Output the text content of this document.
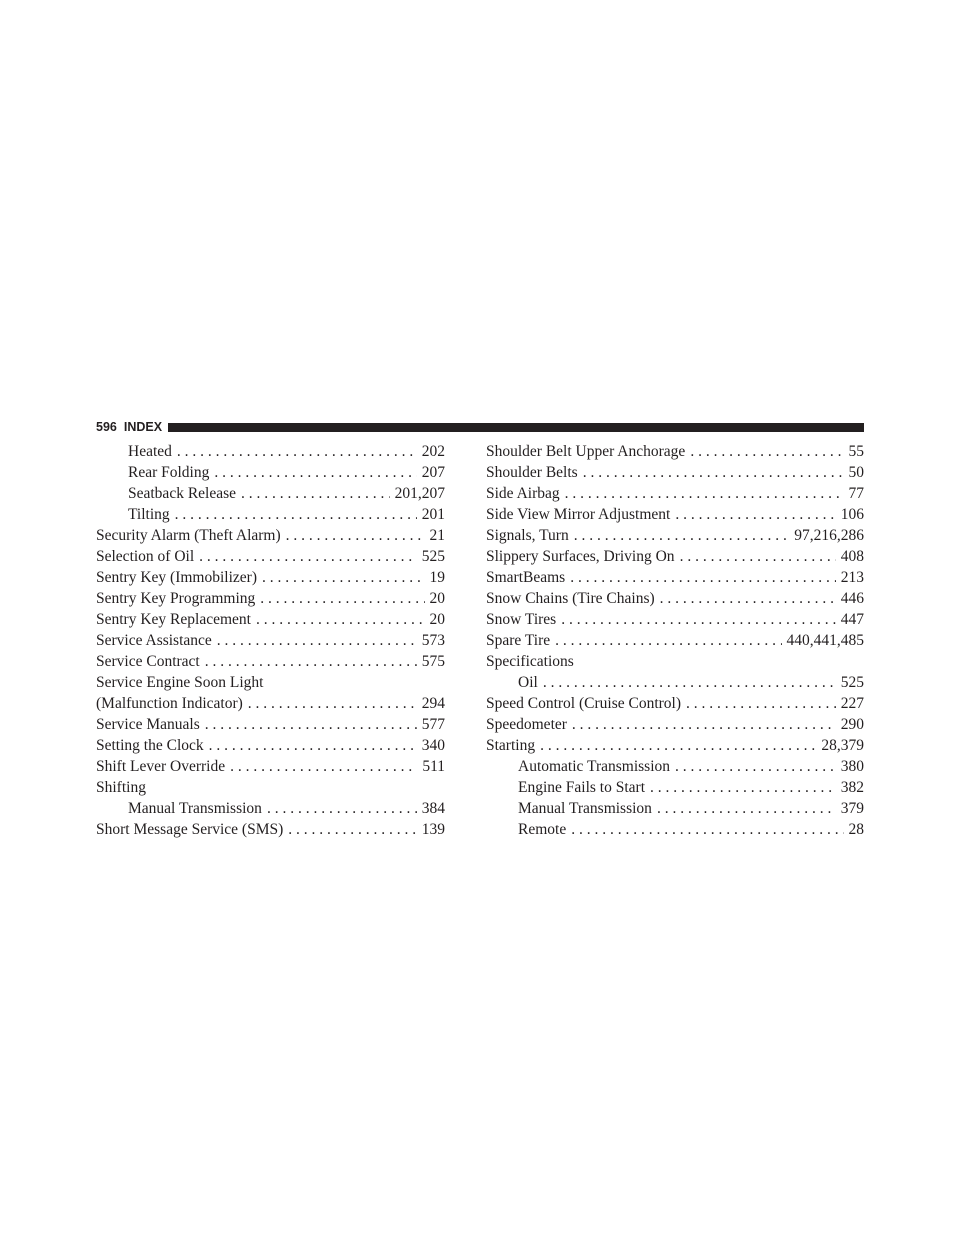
596 INDEX
Heated . . .	202
Rear Folding . . .	207
Seatback Release . . .	201,207
Tilting . . .	201
Security Alarm (Theft Alarm) . . .	21
Selection of Oil . . .	525
Sentry Key (Immobilizer) . . .	19
Sentry Key Programming . . .	20
Sentry Key Replacement . . .	20
Service Assistance . . .	573
Service Contract . . .	575
Service Engine Soon Light
(Malfunction Indicator) . . .	294
Service Manuals . . .	577
Setting the Clock . . .	340
Shift Lever Override . . .	511
Shifting
Manual Transmission . . .	384
Short Message Service (SMS) . . .	139
Shoulder Belt Upper Anchorage . . .	55
Shoulder Belts . . .	50
Side Airbag . . .	77
Side View Mirror Adjustment . . .	106
Signals, Turn . . .	97,216,286
Slippery Surfaces, Driving On . . .	408
SmartBeams . . .	213
Snow Chains (Tire Chains) . . .	446
Snow Tires . . .	447
Spare Tire . . .	440,441,485
Specifications
Oil . . .	525
Speed Control (Cruise Control) . . .	227
Speedometer . . .	290
Starting . . .	28,379
Automatic Transmission . . .	380
Engine Fails to Start . . .	382
Manual Transmission . . .	379
Remote . . .	28
